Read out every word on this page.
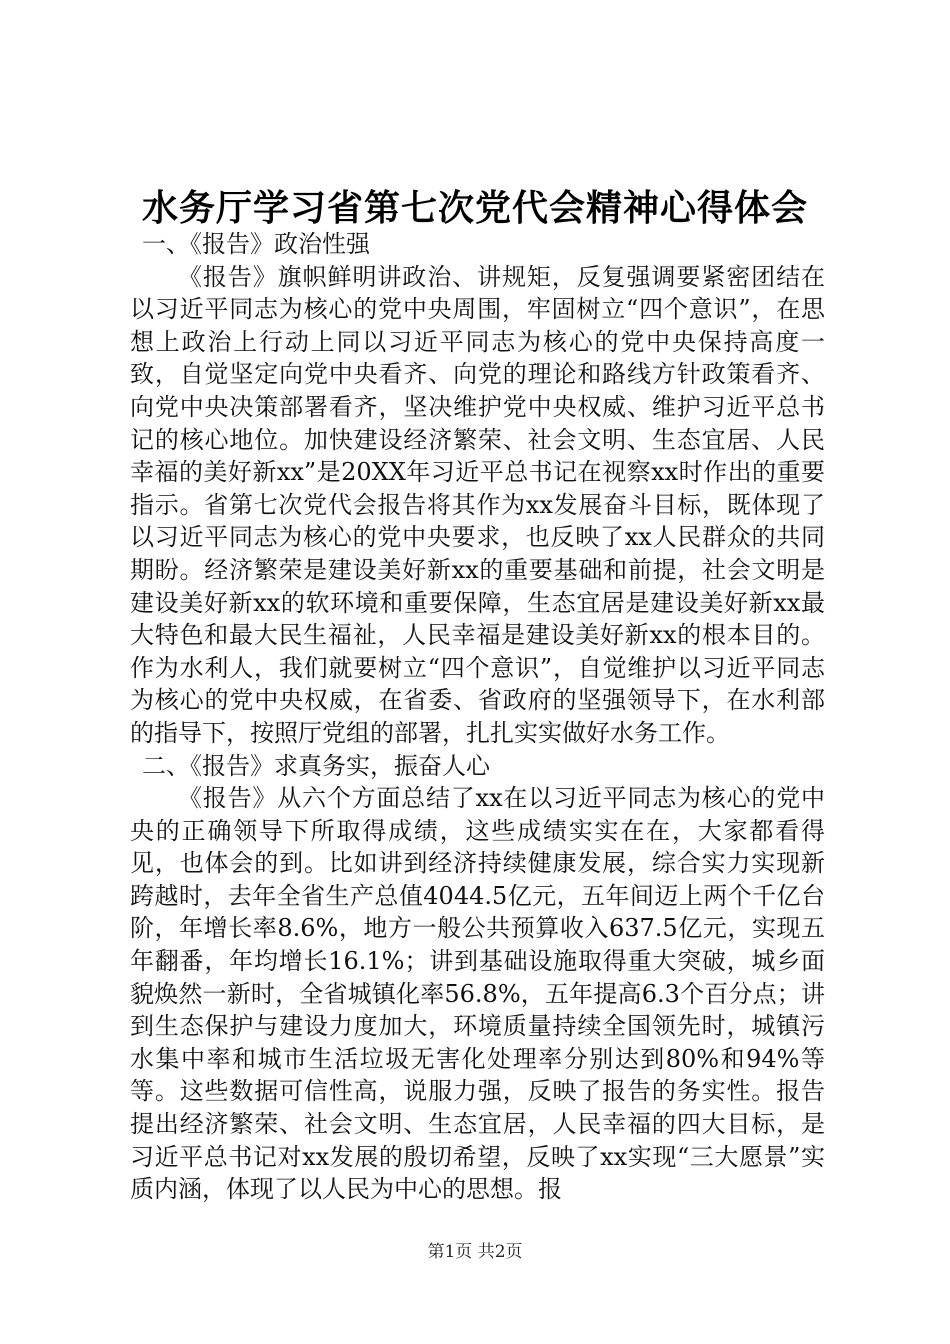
水务厅学习省第七次党代会精神心得体会

一、《报告》政治性强

《报告》旗帜鲜明讲政治、讲规矩，反复强调要紧密团结在以习近平同志为核心的党中央周围，牢固树立“四个意识”，在思想上政治上行动上同以习近平同志为核心的党中央保持高度一致，自觉坚定向党中央看齐、向党的理论和路线方针政策看齐、向党中央决策部署看齐，坚决维护党中央权威、维护习近平总书记的核心地位。加快建设经济繁荣、社会文明、生态宜居、人民幸福的美好新xx”是20XX年习近平总书记在视察xx时作出的重要指示。省第七次党代会报告将其作为xx发展奋斗目标，既体现了以习近平同志为核心的党中央要求，也反映了xx人民群众的共同期盼。经济繁荣是建设美好新xx的重要基础和前提，社会文明是建设美好新xx的软环境和重要保障，生态宜居是建设美好新xx最大特色和最大民生福祉，人民幸福是建设美好新xx的根本目的。作为水利人，我们就要树立“四个意识”，自觉维护以习近平同志为核心的党中央权威，在省委、省政府的坚强领导下，在水利部的指导下，按照厅党组的部署，扎扎实实做好水务工作。

二、《报告》求真务实，振奋人心

《报告》从六个方面总结了xx在以习近平同志为核心的党中央的正确领导下所取得成绩，这些成绩实实在在，大家都看得见，也体会的到。比如讲到经济持续健康发展，综合实力实现新跨越时，去年全省生产总值4044.5亿元，五年间迈上两个千亿台阶，年增长率8.6%，地方一般公共预算收入637.5亿元，实现五年翻番，年均增长16.1%；讲到基础设施取得重大突破，城乡面貌焕然一新时，全省城镇化率56.8%，五年提高6.3个百分点；讲到生态保护与建设力度加大，环境质量持续全国领先时，城镇污水集中率和城市生活垃圾无害化处理率分别达到80%和94%等等。这些数据可信性高，说服力强，反映了报告的务实性。报告提出经济繁荣、社会文明、生态宜居，人民幸福的四大目标，是习近平总书记对xx发展的殷切希望，反映了xx实现“三大愿景”实质内涵，体现了以人民为中心的思想。报

第1页 共2页
